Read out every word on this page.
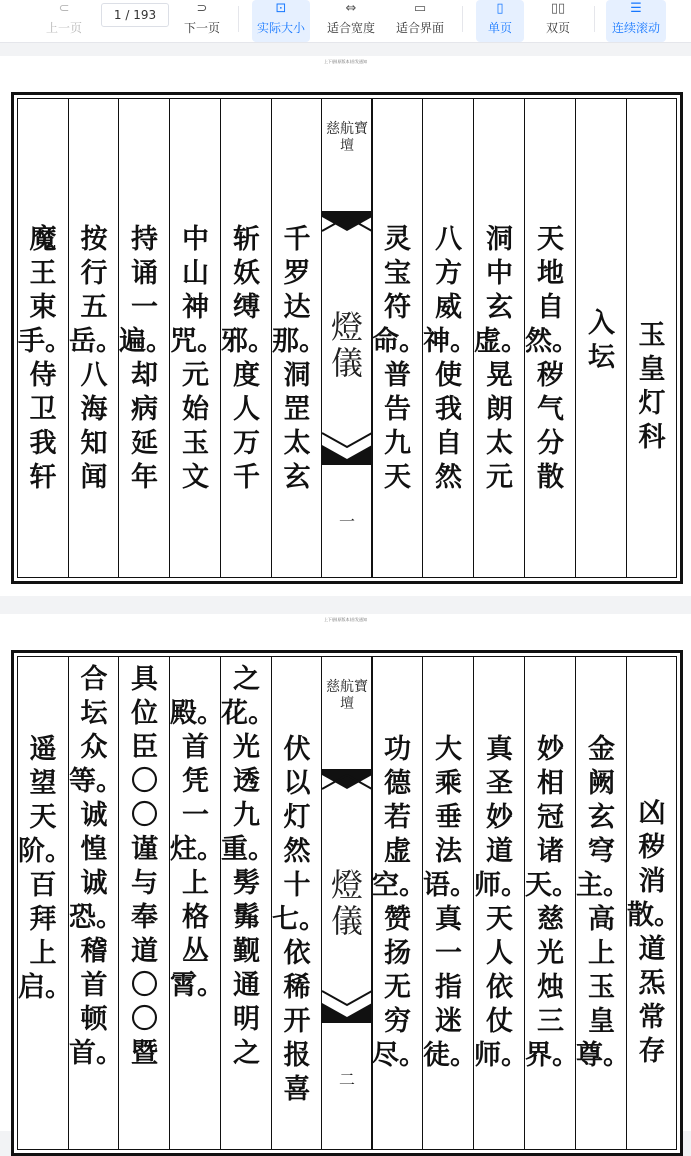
⊂
上一页
1 / 193	⊃
下一页
⊡
实际大小
⇔
适合宽度
▭
适合界面
▯
单页
▯▯
双页
☰
连续滚动
上下册(原版本)首发通知
魔王束手。侍卫我轩
按行五岳。八海知闻
持诵一遍。却病延年
中山神咒。元始玉文
斩妖缚邪。度人万千
千罗达那。洞罡太玄
慈航寶壇
燈儀
一
灵宝符命。普告九天
八方威神。使我自然
洞中玄虚。晃朗太元
天地自然。秽气分散
入坛
玉皇灯科
上下册(原版本)首发通知
遥望天阶。百拜上启。
合坛众等。诚惶诚恐。稽首顿首。
具位臣〇〇谨与奉道〇〇暨
殿。首凭一炷。上格丛霄。
之花。光透九重。髣髴觐通明之
伏以灯然十七。依稀开报喜
慈航寶壇
燈儀
二
功德若虚空。赞扬无穷尽。
大乘垂法语。真一指迷徒。
真圣妙道师。天人依仗师。
妙相冠诸天。慈光烛三界。
金阙玄穹主。高上玉皇尊。
凶秽消散。道炁常存
